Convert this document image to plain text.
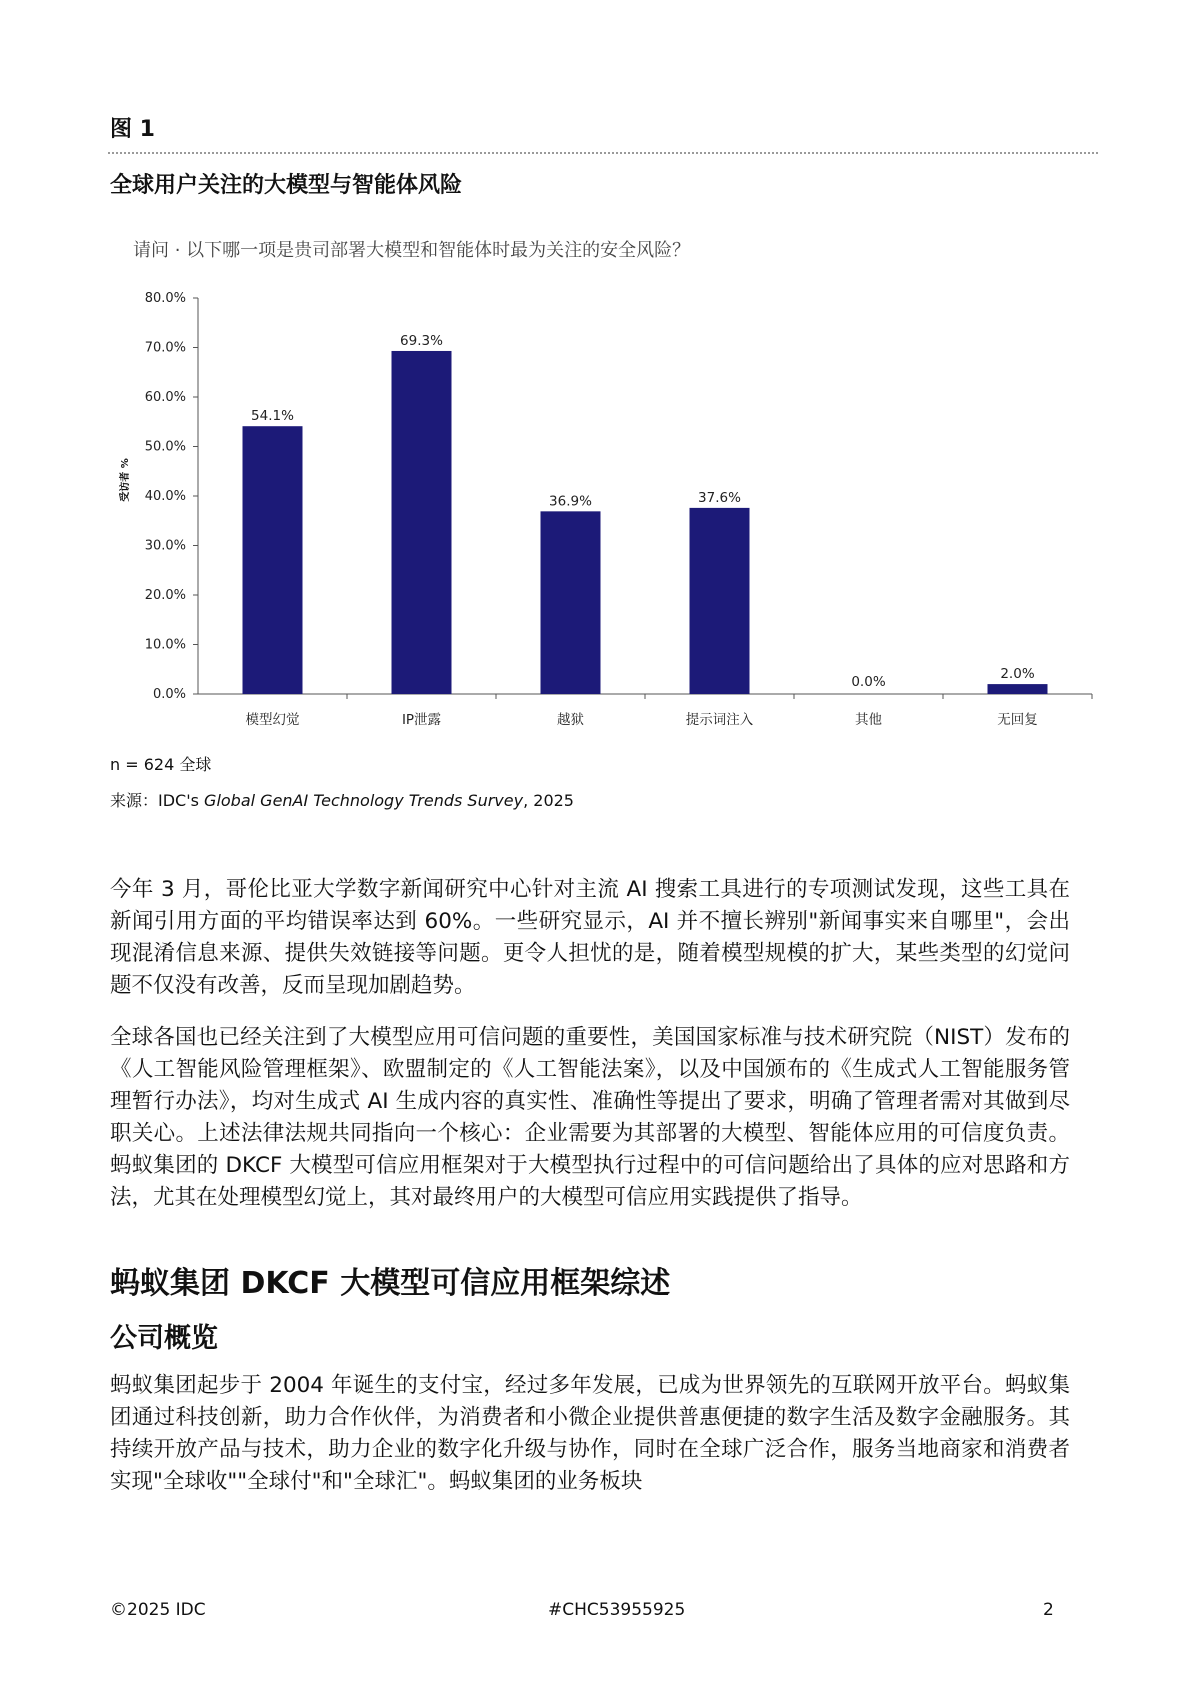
图 1
全球用户关注的大模型与智能体风险
请问 · 以下哪一项是贵司部署大模型和智能体时最为关注的安全风险？
0.0%
10.0%
20.0%
30.0%
40.0%
50.0%
60.0%
70.0%
80.0%
模型幻觉	IP泄露	越狱	提示词注入	其他	无回复
54.1%
69.3%
36.9%	37.6%
0.0%	2.0%
受访者 %
n = 624 全球
来源：IDC's Global GenAI Technology Trends Survey, 2025

今年 3 月，哥伦比亚大学数字新闻研究中心针对主流 AI 搜索工具进行的专项测试发现，这些工具在新闻引用方面的平均错误率达到 60%。一些研究显示，AI 并不擅长辨别"新闻事实来自哪里"，会出现混淆信息来源、提供失效链接等问题。更令人担忧的是，随着模型规模的扩大，某些类型的幻觉问题不仅没有改善，反而呈现加剧趋势。

全球各国也已经关注到了大模型应用可信问题的重要性，美国国家标准与技术研究院（NIST）发布的《人工智能风险管理框架》、欧盟制定的《人工智能法案》，以及中国颁布的《生成式人工智能服务管理暂行办法》，均对生成式 AI 生成内容的真实性、准确性等提出了要求，明确了管理者需对其做到尽职关心。上述法律法规共同指向一个核心：企业需要为其部署的大模型、智能体应用的可信度负责。蚂蚁集团的 DKCF 大模型可信应用框架对于大模型执行过程中的可信问题给出了具体的应对思路和方法，尤其在处理模型幻觉上，其对最终用户的大模型可信应用实践提供了指导。

蚂蚁集团 DKCF 大模型可信应用框架综述
公司概览

蚂蚁集团起步于 2004 年诞生的支付宝，经过多年发展，已成为世界领先的互联网开放平台。蚂蚁集团通过科技创新，助力合作伙伴，为消费者和小微企业提供普惠便捷的数字生活及数字金融服务。其持续开放产品与技术，助力企业的数字化升级与协作，同时在全球广泛合作，服务当地商家和消费者实现"全球收""全球付"和"全球汇"。蚂蚁集团的业务板块

©2025 IDC	#CHC53955925	2
